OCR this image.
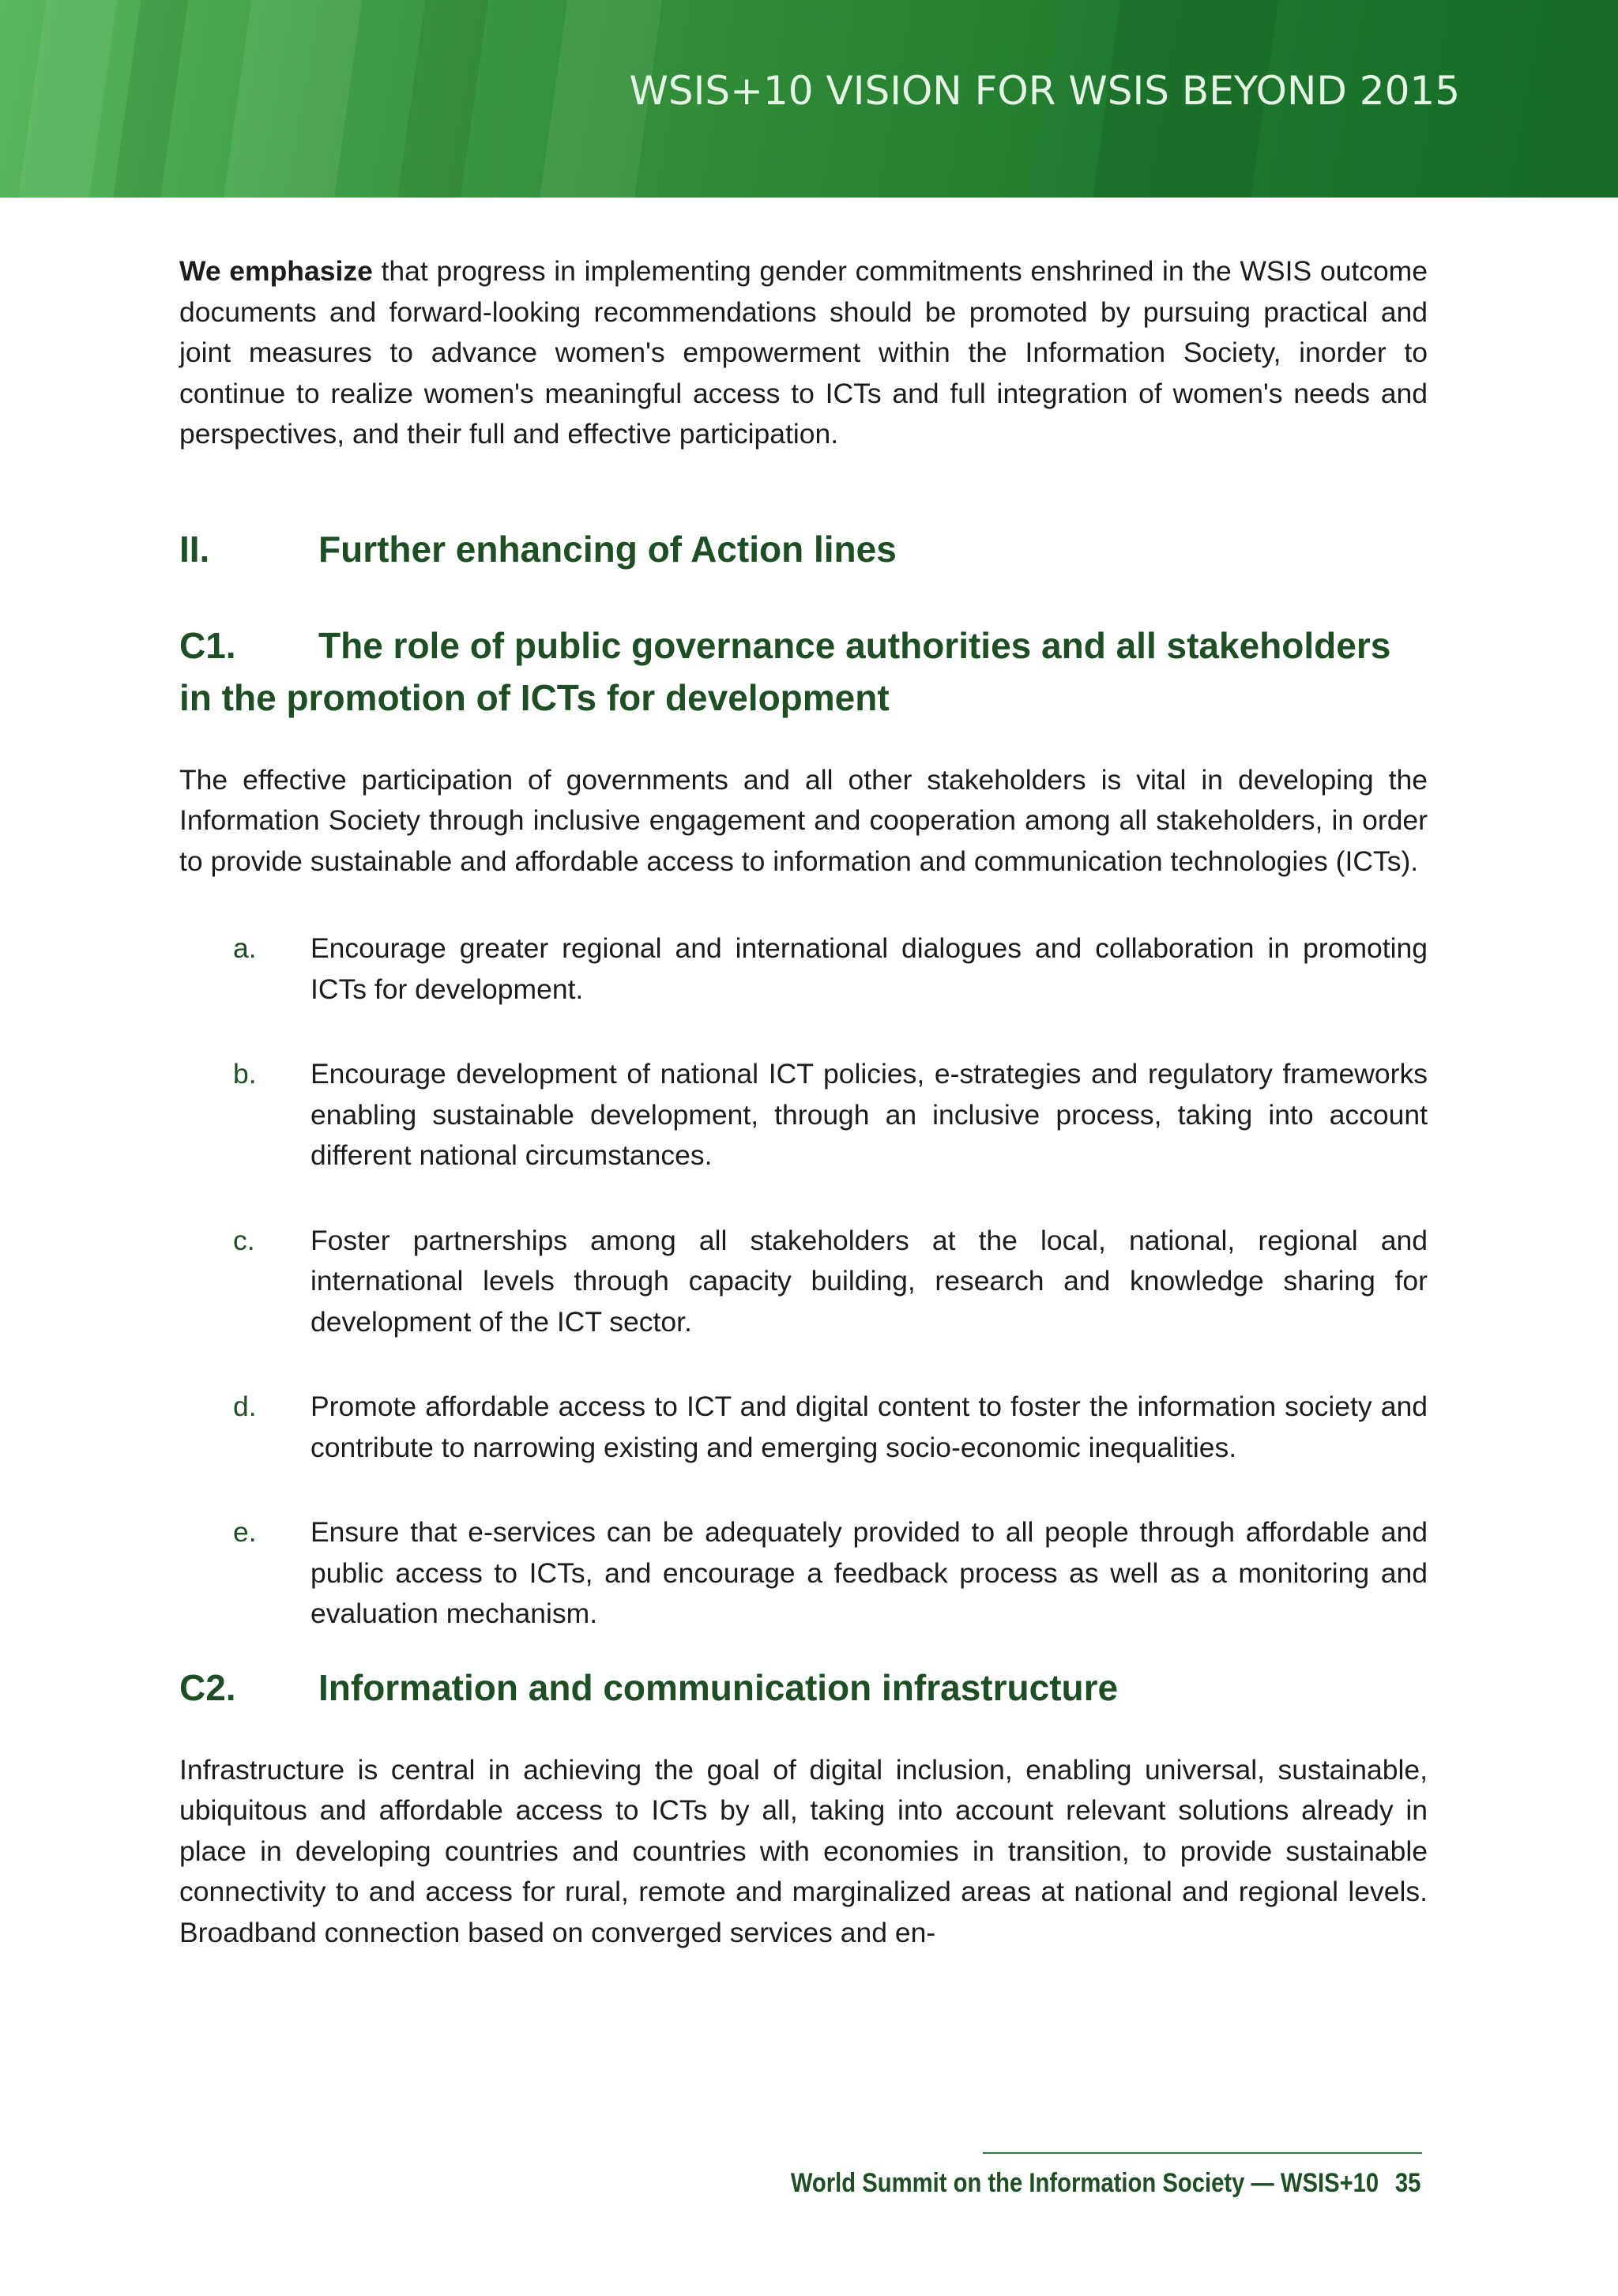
WSIS+10 VISION FOR WSIS BEYOND 2015

We emphasize that progress in implementing gender commitments enshrined in the WSIS outcome documents and forward-looking recommendations should be promoted by pursuing practical and joint measures to advance women's empowerment within the Information Society, inorder to continue to realize women's meaningful access to ICTs and full integration of women's needs and perspectives, and their full and effective participation.

II.	Further enhancing of Action lines
C1. The role of public governance authorities and all stakeholders in the promotion of ICTs for development

The effective participation of governments and all other stakeholders is vital in developing the Information Society through inclusive engagement and cooperation among all stakeholders, in order to provide sustainable and affordable access to information and communication technologies (ICTs).

a. Encourage greater regional and international dialogues and collaboration in promoting ICTs for development.
b. Encourage development of national ICT policies, e-strategies and regulatory frameworks enabling sustainable development, through an inclusive process, taking into account different national circumstances.
c. Foster partnerships among all stakeholders at the local, national, regional and international levels through capacity building, research and knowledge sharing for development of the ICT sector.
d. Promote affordable access to ICT and digital content to foster the information society and contribute to narrowing existing and emerging socio-economic inequalities.
e. Ensure that e-services can be adequately provided to all people through affordable and public access to ICTs, and encourage a feedback process as well as a monitoring and evaluation mechanism.
C2. Information and communication infrastructure

Infrastructure is central in achieving the goal of digital inclusion, enabling universal, sustainable, ubiquitous and affordable access to ICTs by all, taking into account relevant solutions already in place in developing countries and countries with economies in transition, to provide sustainable connectivity to and access for rural, remote and marginalized areas at national and regional levels. Broadband connection based on converged services and en-

World Summit on the Information Society — WSIS+10 35
